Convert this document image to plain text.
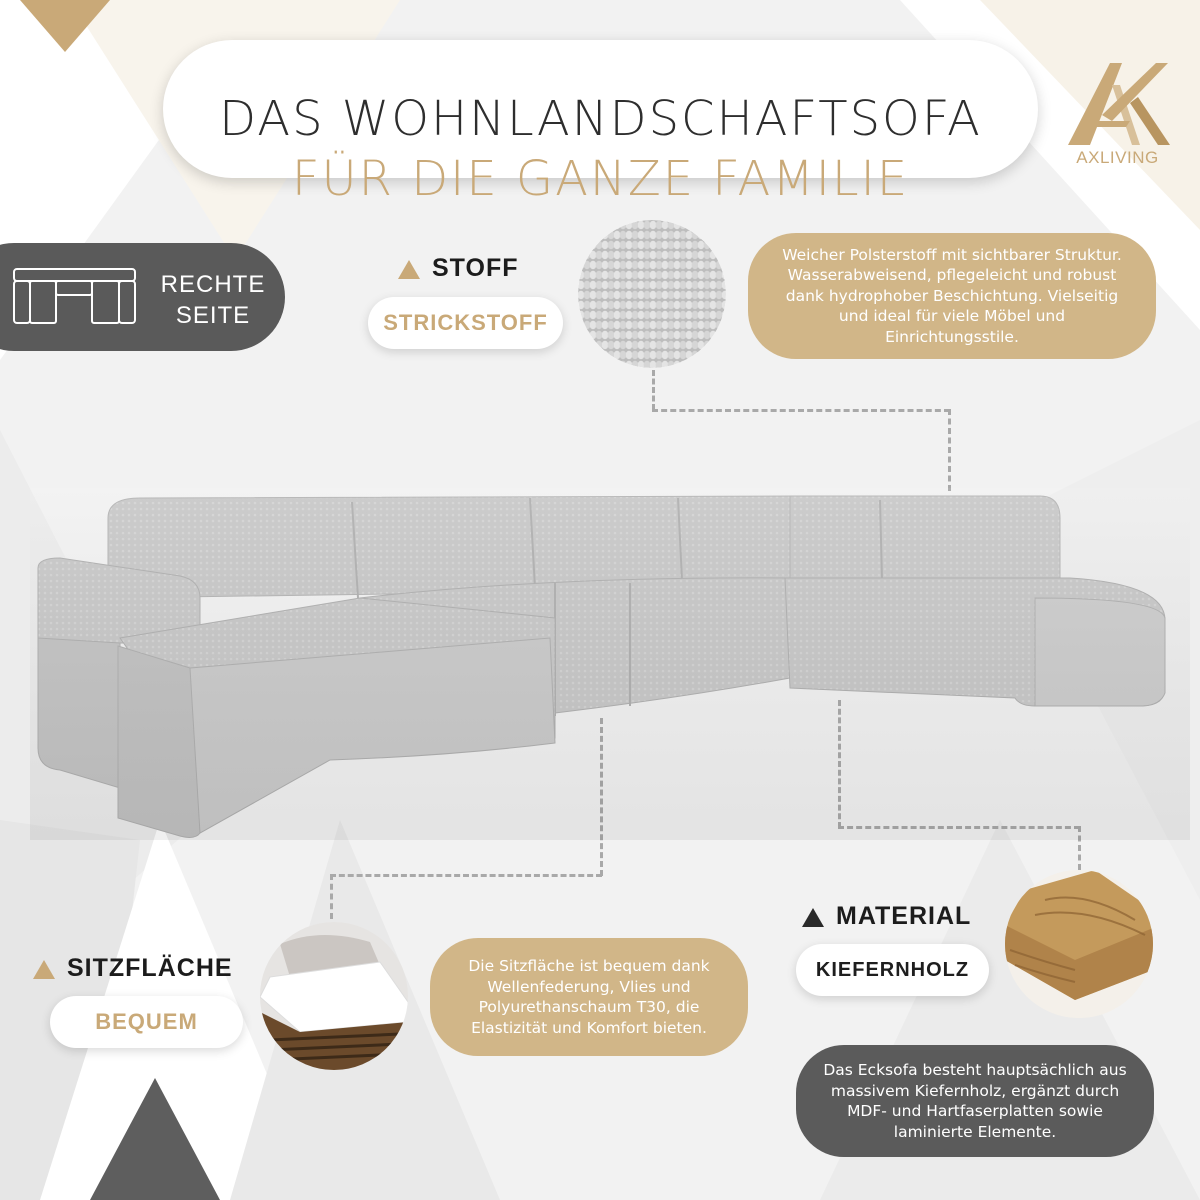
DAS WOHNLANDSCHAFTSOFA
FÜR DIE GANZE FAMILIE	AXLIVING
RECHTE
SEITE
STOFF
STRICKSTOFF
Weicher Polsterstoff mit sichtbarer Struktur. Wasserabweisend, pflegeleicht und robust dank hydrophober Beschichtung. Vielseitig und ideal für viele Möbel und Einrichtungsstile.
SITZFLÄCHE
BEQUEM
Die Sitzfläche ist bequem dank Wellenfederung, Vlies und Polyurethanschaum T30, die Elastizität und Komfort bieten.
MATERIAL
KIEFERNHOLZ
Das Ecksofa besteht hauptsächlich aus massivem Kiefernholz, ergänzt durch MDF- und Hartfaserplatten sowie laminierte Elemente.
